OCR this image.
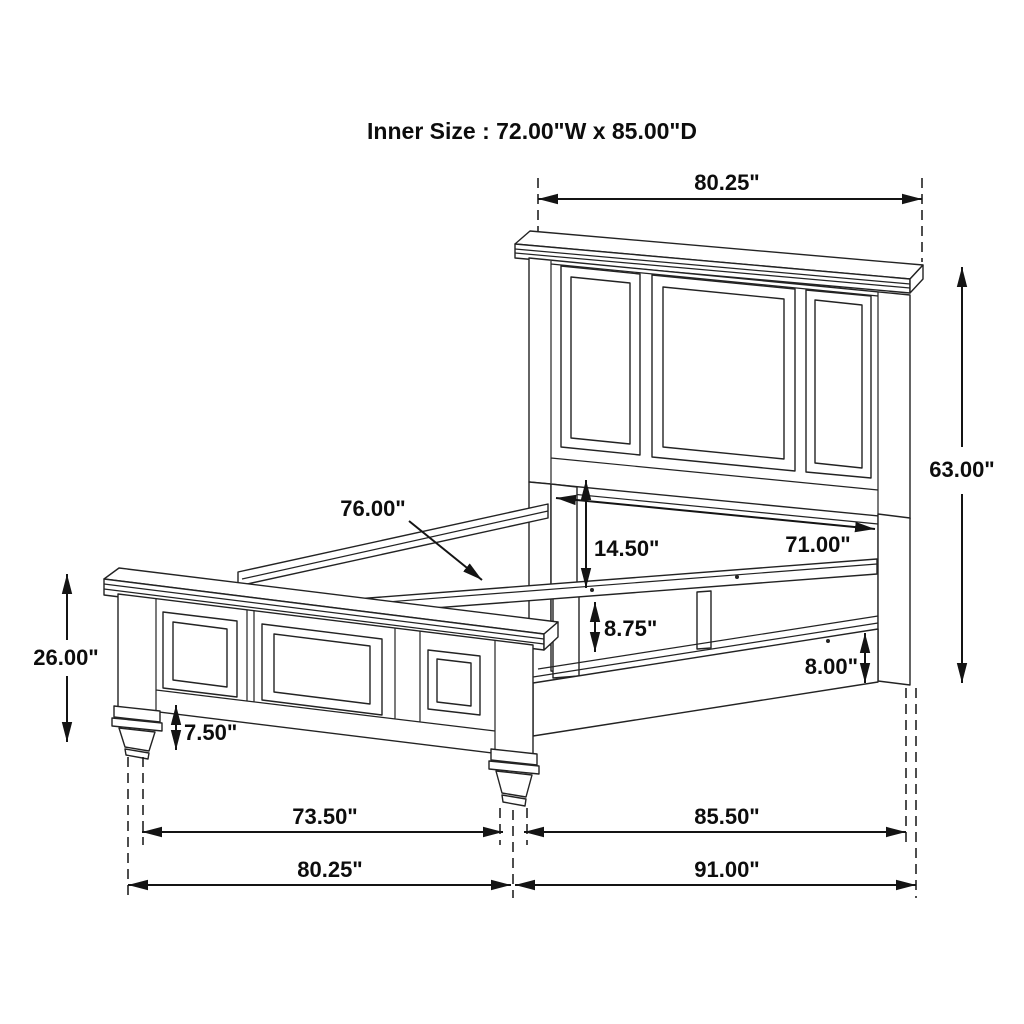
Inner Size : 72.00"W x 85.00"D
80.25"
63.00"
76.00"
71.00"
14.50"
8.75"
8.00"
26.00"
7.50"
73.50"	85.50"
80.25"	91.00"
